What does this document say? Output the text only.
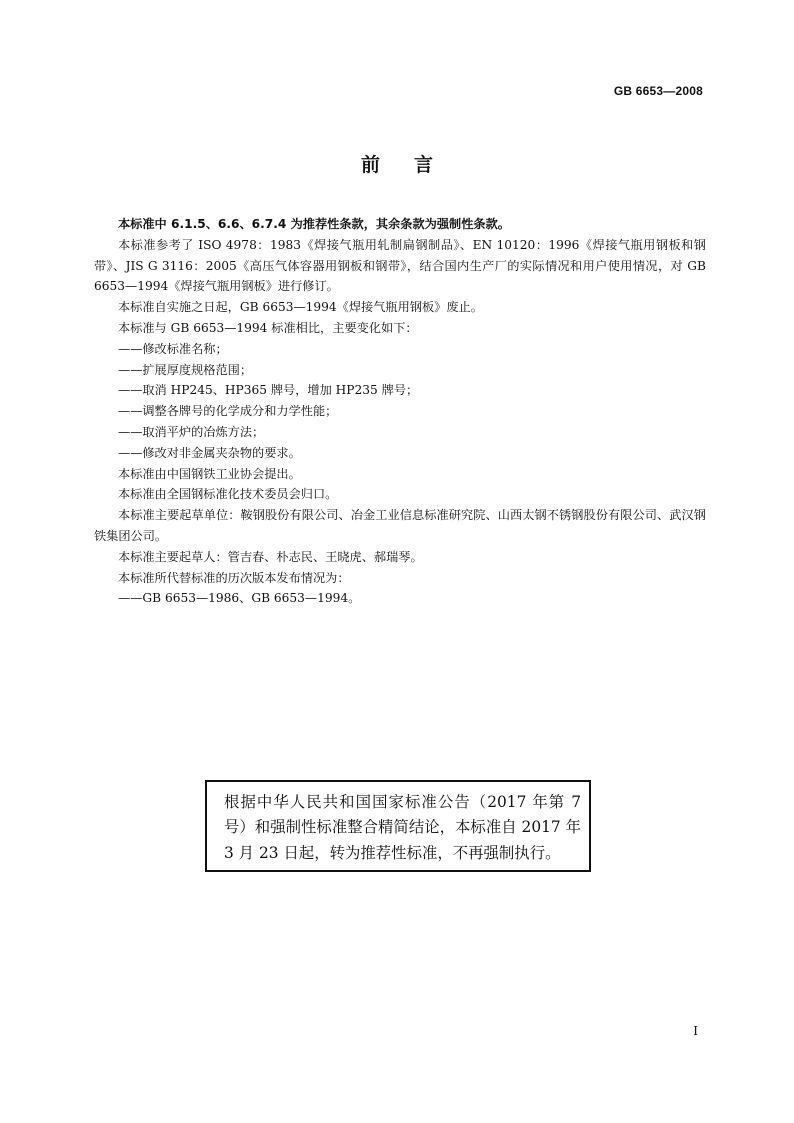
GB 6653—2008
前言

本标准中 6.1.5、6.6、6.7.4 为推荐性条款，其余条款为强制性条款。

本标准参考了 ISO 4978：1983《焊接气瓶用轧制扁钢制品》、EN 10120：1996《焊接气瓶用钢板和钢带》、JIS G 3116：2005《高压气体容器用钢板和钢带》，结合国内生产厂的实际情况和用户使用情况，对 GB 6653—1994《焊接气瓶用钢板》进行修订。

本标准自实施之日起，GB 6653—1994《焊接气瓶用钢板》废止。

本标准与 GB 6653—1994 标准相比，主要变化如下：

——修改标准名称；

——扩展厚度规格范围；

——取消 HP245、HP365 牌号，增加 HP235 牌号；

——调整各牌号的化学成分和力学性能；

——取消平炉的冶炼方法；

——修改对非金属夹杂物的要求。

本标准由中国钢铁工业协会提出。

本标准由全国钢标准化技术委员会归口。

本标准主要起草单位：鞍钢股份有限公司、冶金工业信息标准研究院、山西太钢不锈钢股份有限公司、武汉钢铁集团公司。

本标准主要起草人：管吉春、朴志民、王晓虎、郝瑞琴。

本标准所代替标准的历次版本发布情况为：

——GB 6653—1986、GB 6653—1994。

根据中华人民共和国国家标准公告（2017 年第 7 号）和强制性标准整合精简结论，本标准自 2017 年 3 月 23 日起，转为推荐性标准，不再强制执行。

I
